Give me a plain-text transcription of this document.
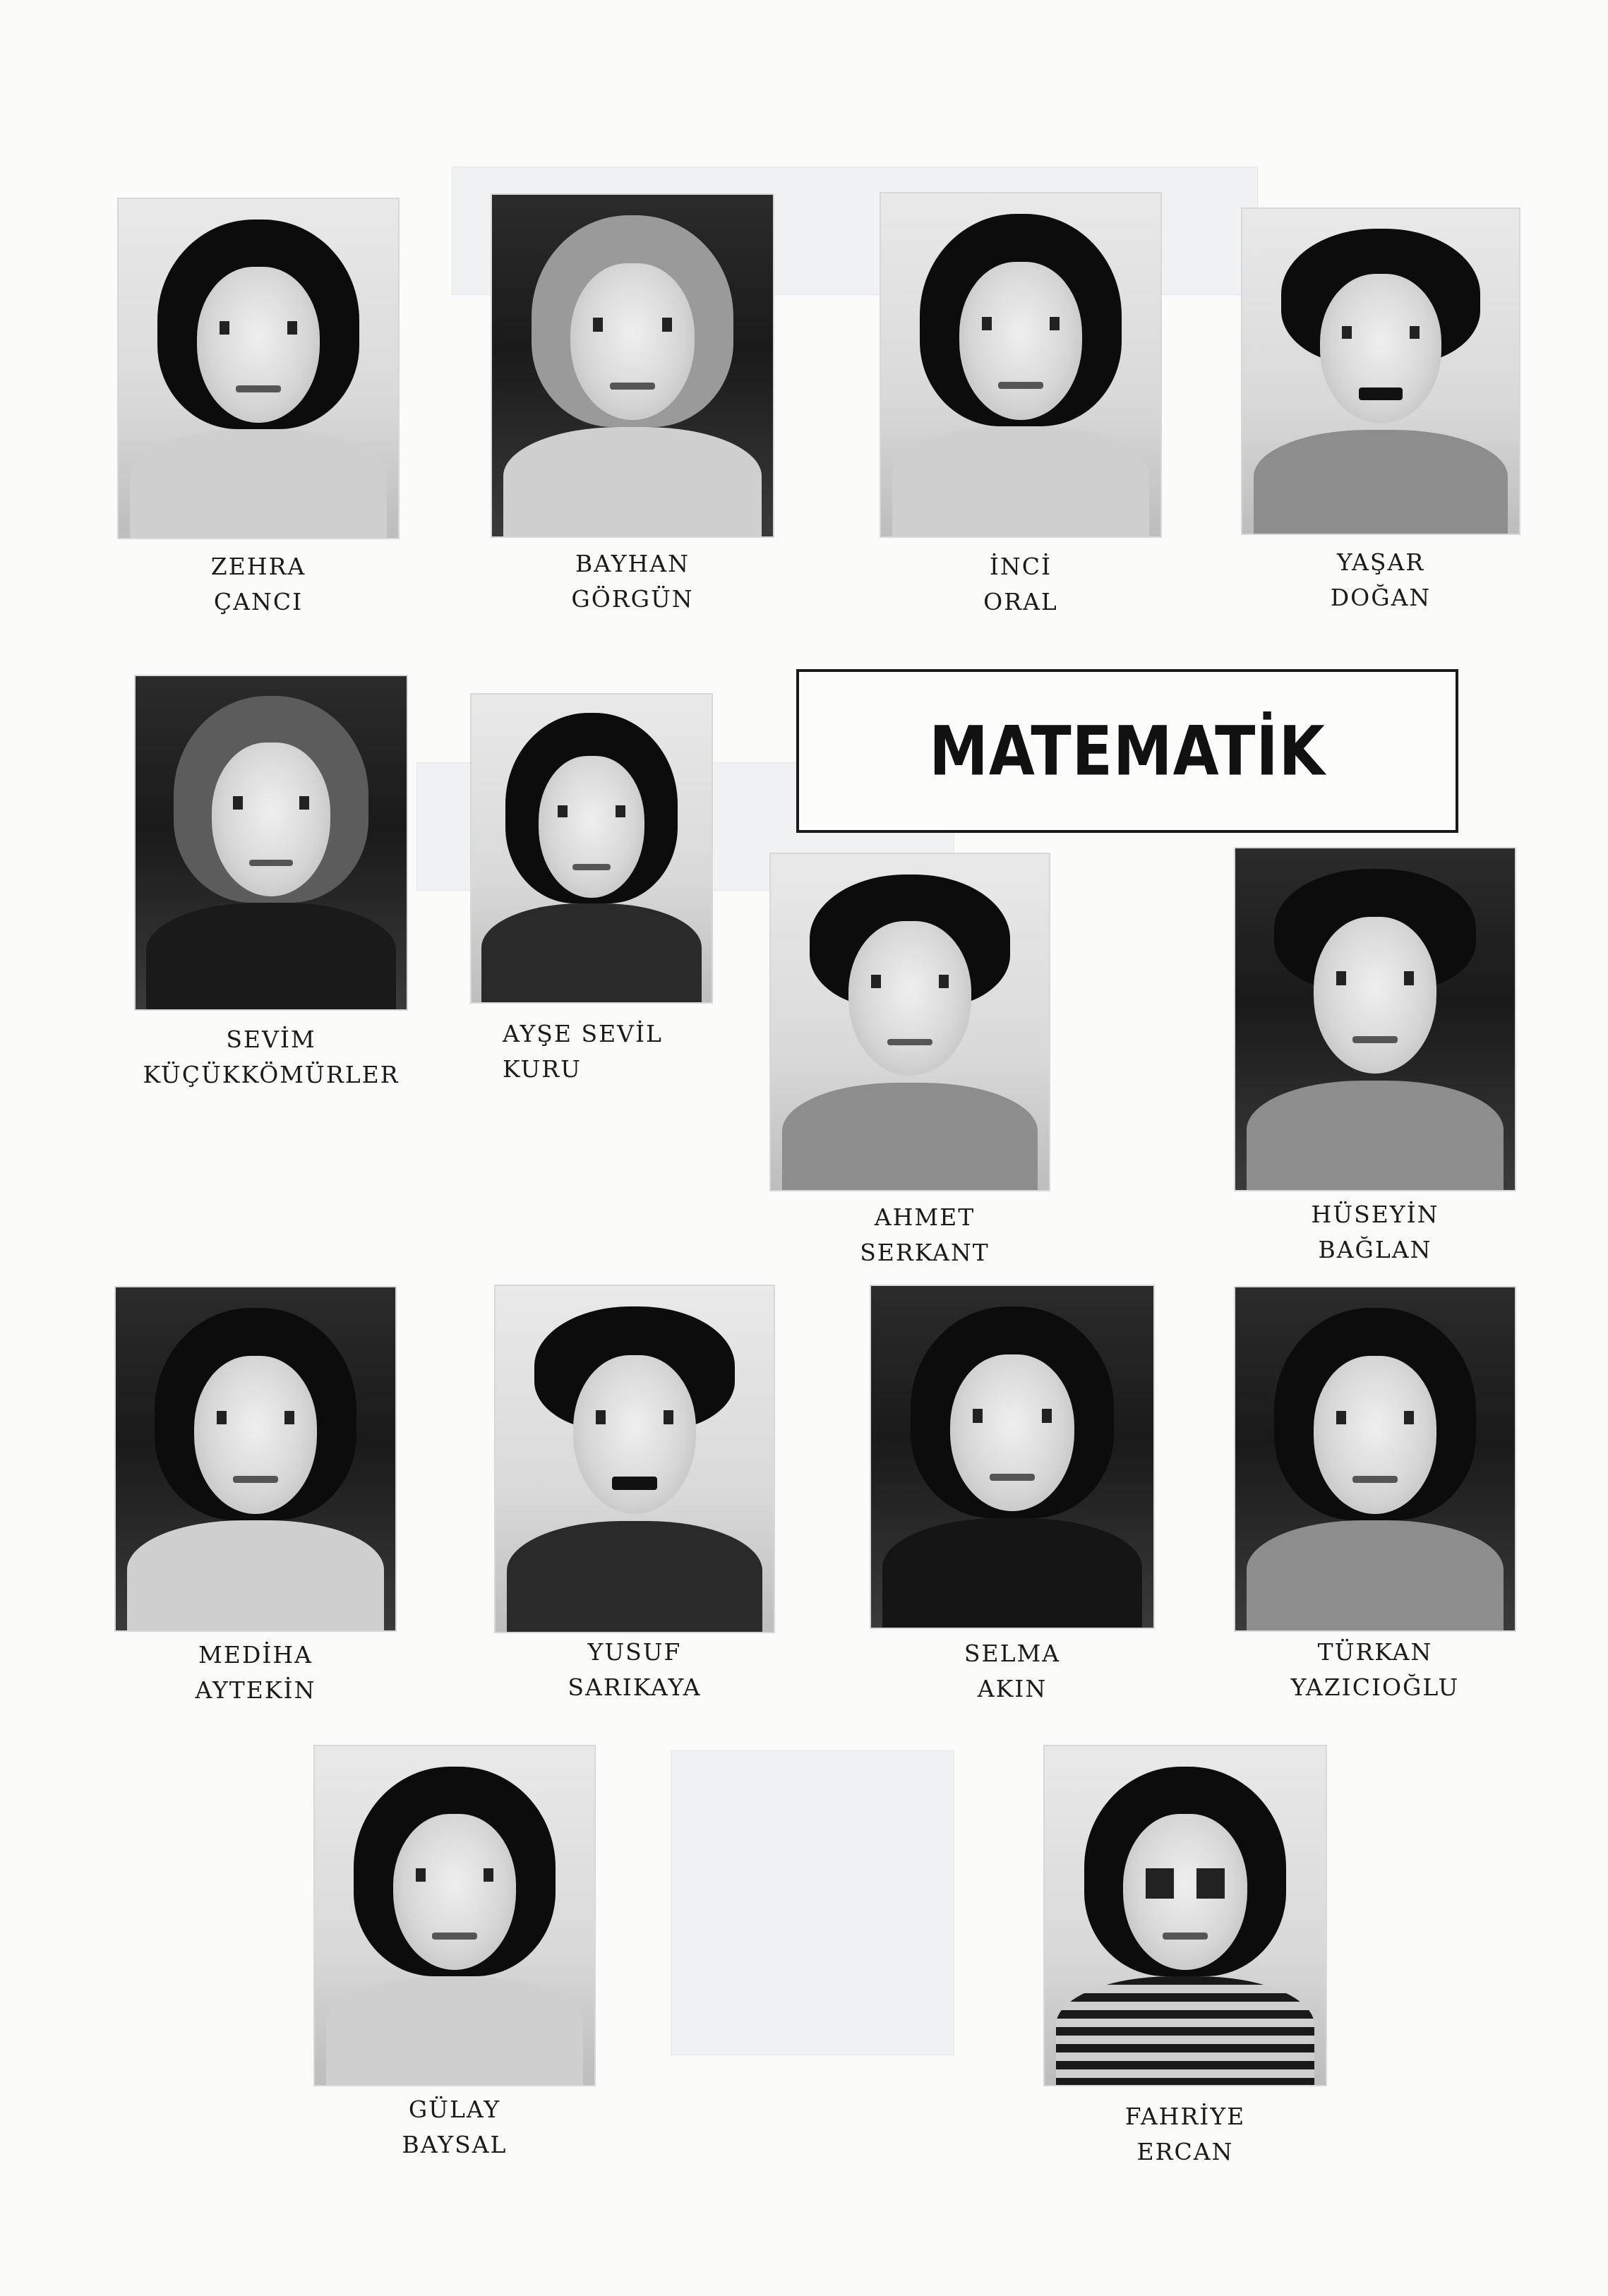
ZEHRA
ÇANCI
BAYHAN
GÖRGÜN
İNCİ
ORAL
YAŞAR
DOĞAN
SEVİM
KÜÇÜKKÖMÜRLER
AYŞE SEVİL
KURU
MATEMATİK
AHMET
SERKANT
HÜSEYİN
BAĞLAN
MEDİHA
AYTEKİN
YUSUF
SARIKAYA
SELMA
AKIN
TÜRKAN
YAZICIOĞLU
GÜLAY
BAYSAL
FAHRİYE
ERCAN
